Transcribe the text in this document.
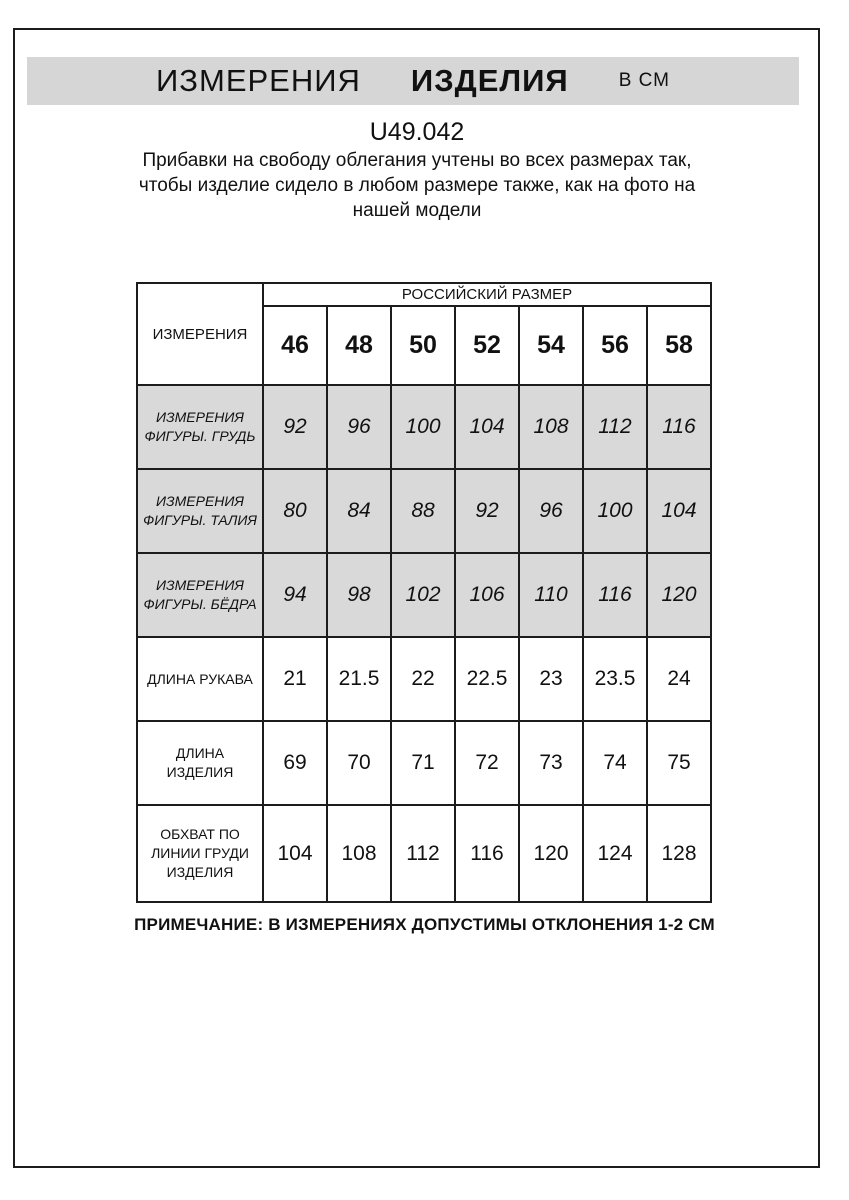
ИЗМЕРЕНИЯ ИЗДЕЛИЯ	В СМ
U49.042
Прибавки на свободу облегания учтены во всех размерах так, чтобы изделие сидело в любом размере также, как на фото на нашей модели
ИЗМЕРЕНИЯ	РОССИЙСКИЙ РАЗМЕР						
	46	48	50	52	54	56	58
ИЗМЕРЕНИЯ ФИГУРЫ. ГРУДЬ	92	96	100	104	108	112	116
ИЗМЕРЕНИЯ ФИГУРЫ. ТАЛИЯ	80	84	88	92	96	100	104
ИЗМЕРЕНИЯ ФИГУРЫ. БЁДРА	94	98	102	106	110	116	120
ДЛИНА РУКАВА	21	21.5	22	22.5	23	23.5	24
ДЛИНА ИЗДЕЛИЯ	69	70	71	72	73	74	75
ОБХВАТ ПО ЛИНИИ ГРУДИ ИЗДЕЛИЯ	104	108	112	116	120	124	128
ПРИМЕЧАНИЕ: В ИЗМЕРЕНИЯХ ДОПУСТИМЫ ОТКЛОНЕНИЯ 1-2 СМ
